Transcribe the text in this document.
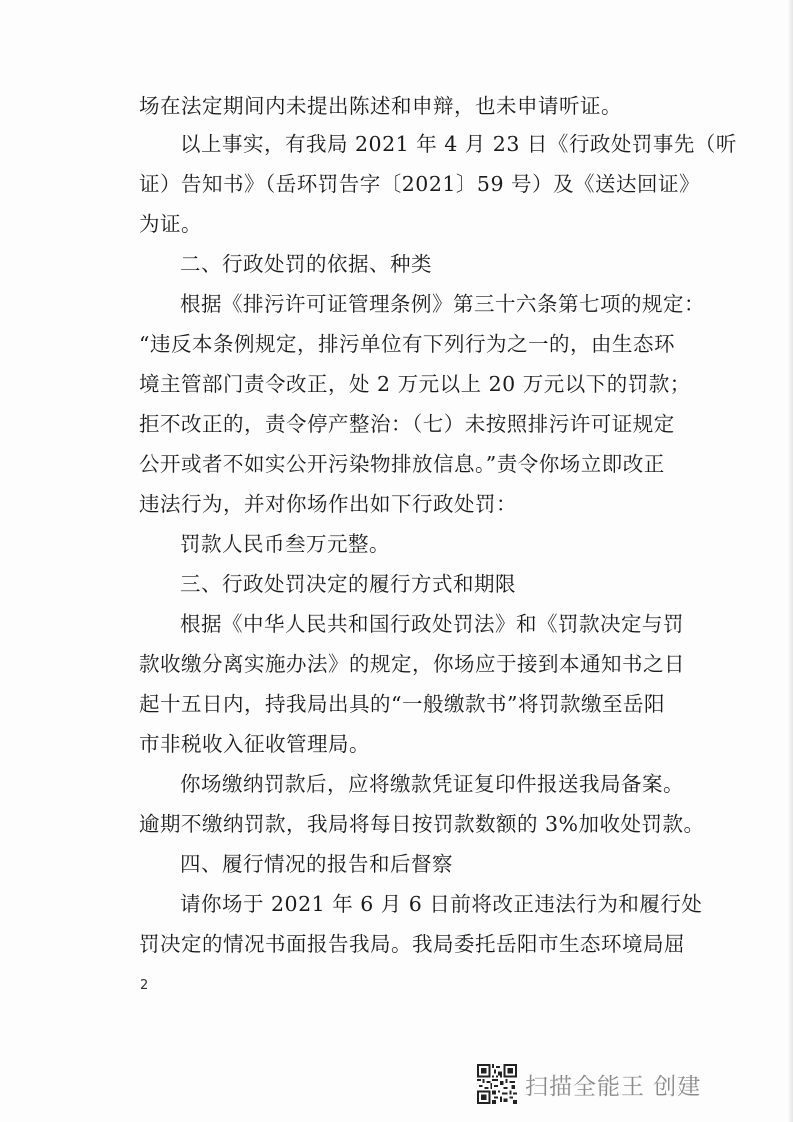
场在法定期间内未提出陈述和申辩，也未申请听证。
以上事实，有我局 2021 年 4 月 23 日《行政处罚事先（听
证）告知书》（岳环罚告字〔2021〕59 号）及《送达回证》
为证。
二、行政处罚的依据、种类
根据《排污许可证管理条例》第三十六条第七项的规定：
“违反本条例规定，排污单位有下列行为之一的，由生态环
境主管部门责令改正，处 2 万元以上 20 万元以下的罚款；
拒不改正的，责令停产整治：（七）未按照排污许可证规定
公开或者不如实公开污染物排放信息。”责令你场立即改正
违法行为，并对你场作出如下行政处罚：
罚款人民币叁万元整。
三、行政处罚决定的履行方式和期限
根据《中华人民共和国行政处罚法》和《罚款决定与罚
款收缴分离实施办法》的规定，你场应于接到本通知书之日
起十五日内，持我局出具的“一般缴款书”将罚款缴至岳阳
市非税收入征收管理局。
你场缴纳罚款后，应将缴款凭证复印件报送我局备案。
逾期不缴纳罚款，我局将每日按罚款数额的 3%加收处罚款。
四、履行情况的报告和后督察
请你场于 2021 年 6 月 6 日前将改正违法行为和履行处
罚决定的情况书面报告我局。我局委托岳阳市生态环境局屈
2
扫描全能王 创建
